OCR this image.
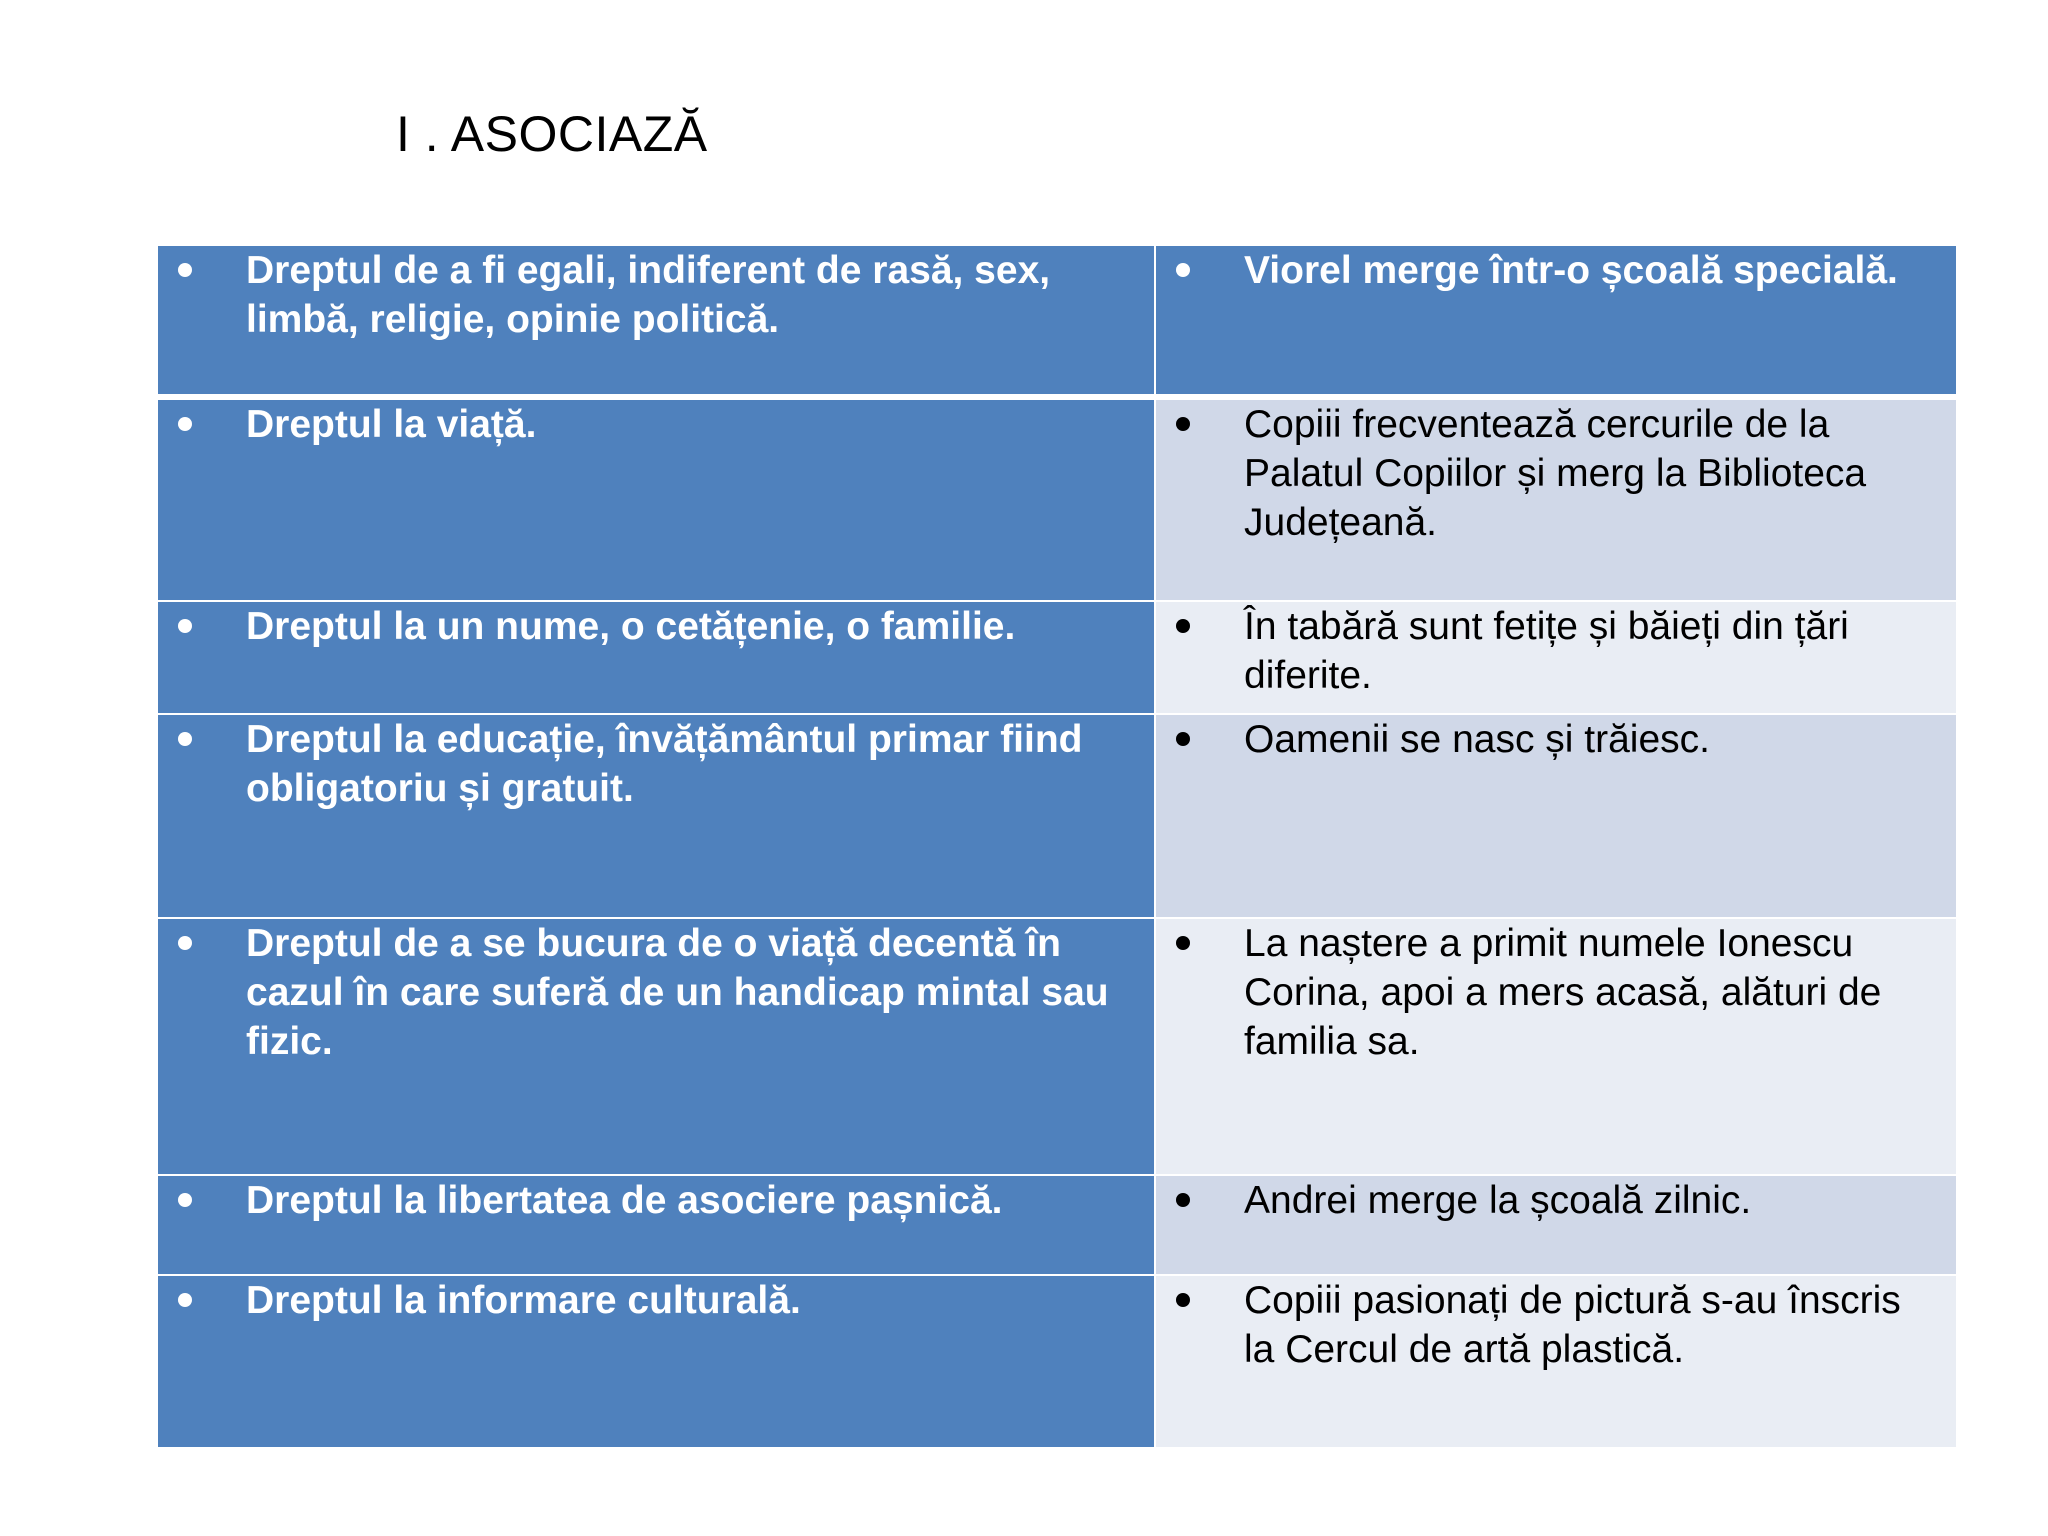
I . ASOCIAZĂ
Dreptul de a fi egali, indiferent de rasă, sex, limbă, religie, opinie politică.	Viorel merge într-o școală specială.

Dreptul la viață.	Copiii frecventează cercurile de la Palatul Copiilor și merg la Biblioteca Județeană.

Dreptul la un nume, o cetățenie, o familie.	În tabără sunt fetițe și băieți din țări diferite.

Dreptul la educație, învățământul primar fiind obligatoriu și gratuit.	Oamenii se nasc și trăiesc.

Dreptul de a se bucura de o viață decentă în cazul în care suferă de un handicap mintal sau fizic.	La naștere a primit numele Ionescu Corina, apoi a mers acasă, alături de familia sa.

Dreptul la libertatea de asociere pașnică.	Andrei merge la școală zilnic.

Dreptul la informare culturală.	Copiii pasionați de pictură s-au înscris la Cercul de artă plastică.
